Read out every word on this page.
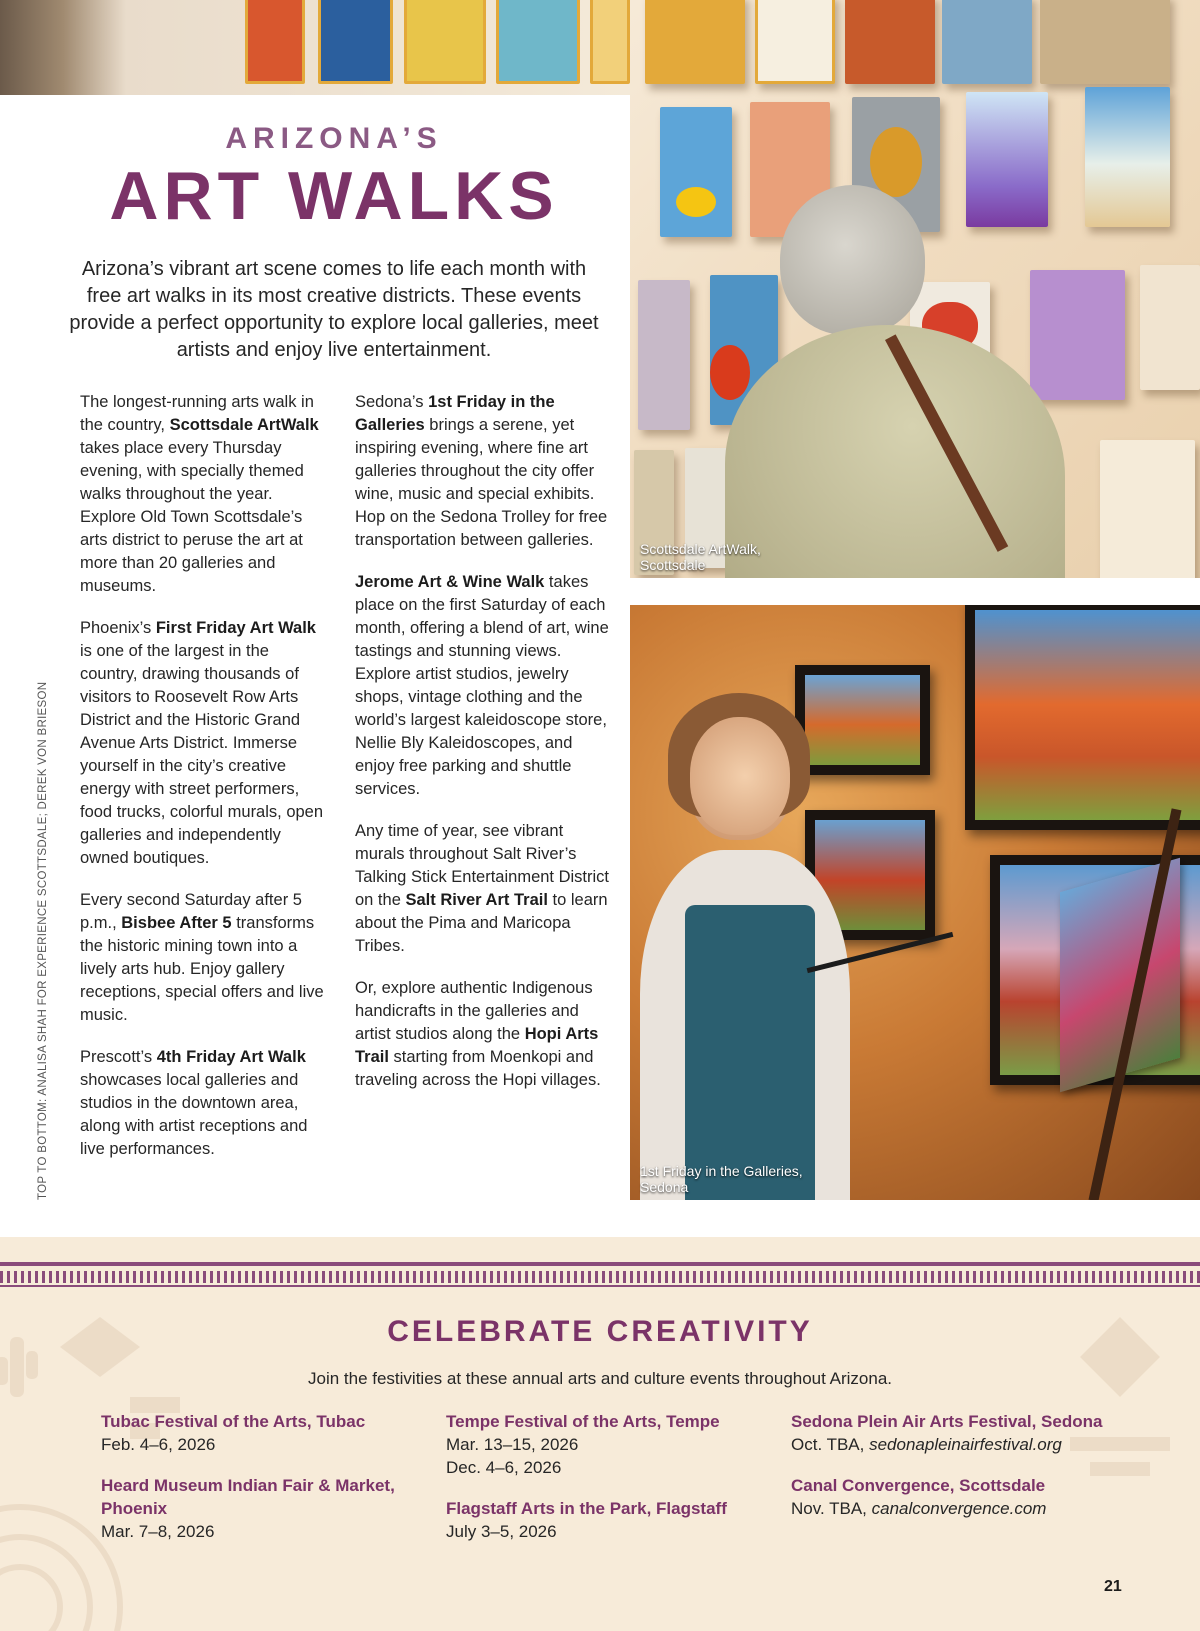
Scottsdale ArtWalk,
Scottsdale
1st Friday in the Galleries,
Sedona
ARIZONA’S
ART WALKS

Arizona’s vibrant art scene comes to life each month with free art walks in its most creative districts. These events provide a perfect opportunity to explore local galleries, meet artists and enjoy live entertainment.

The longest-running arts walk in the country, Scottsdale ArtWalk takes place every Thursday evening, with specially themed walks throughout the year. Explore Old Town Scottsdale’s arts district to peruse the art at more than 20 galleries and museums.

Phoenix’s First Friday Art Walk is one of the largest in the country, drawing thousands of visitors to Roosevelt Row Arts District and the Historic Grand Avenue Arts District. Immerse yourself in the city’s creative energy with street performers, food trucks, colorful murals, open galleries and independently owned boutiques.

Every second Saturday after 5 p.m., Bisbee After 5 transforms the historic mining town into a lively arts hub. Enjoy gallery receptions, special offers and live music.

Prescott’s 4th Friday Art Walk showcases local galleries and studios in the downtown area, along with artist receptions and live performances.

Sedona’s 1st Friday in the Galleries brings a serene, yet inspiring evening, where fine art galleries throughout the city offer wine, music and special exhibits. Hop on the Sedona Trolley for free transportation between galleries.

Jerome Art & Wine Walk takes place on the first Saturday of each month, offering a blend of art, wine tastings and stunning views. Explore artist studios, jewelry shops, vintage clothing and the world’s largest kaleidoscope store, Nellie Bly Kaleidoscopes, and enjoy free parking and shuttle services.

Any time of year, see vibrant murals throughout Salt River’s Talking Stick Entertainment District on the Salt River Art Trail to learn about the Pima and Maricopa Tribes.

Or, explore authentic Indigenous handicrafts in the galleries and artist studios along the Hopi Arts Trail starting from Moenkopi and traveling across the Hopi villages.

TOP TO BOTTOM: ANALISA SHAH FOR EXPERIENCE SCOTTSDALE; DEREK VON BRIESON
CELEBRATE CREATIVITY
Join the festivities at these annual arts and culture events throughout Arizona.
Tubac Festival of the Arts, Tubac
Feb. 4–6, 2026
Heard Museum Indian Fair & Market, Phoenix
Mar. 7–8, 2026
Tempe Festival of the Arts, Tempe
Mar. 13–15, 2026
Dec. 4–6, 2026
Flagstaff Arts in the Park, Flagstaff
July 3–5, 2026
Sedona Plein Air Arts Festival, Sedona
Oct. TBA, sedonapleinairfestival.org
Canal Convergence, Scottsdale
Nov. TBA, canalconvergence.com
21
